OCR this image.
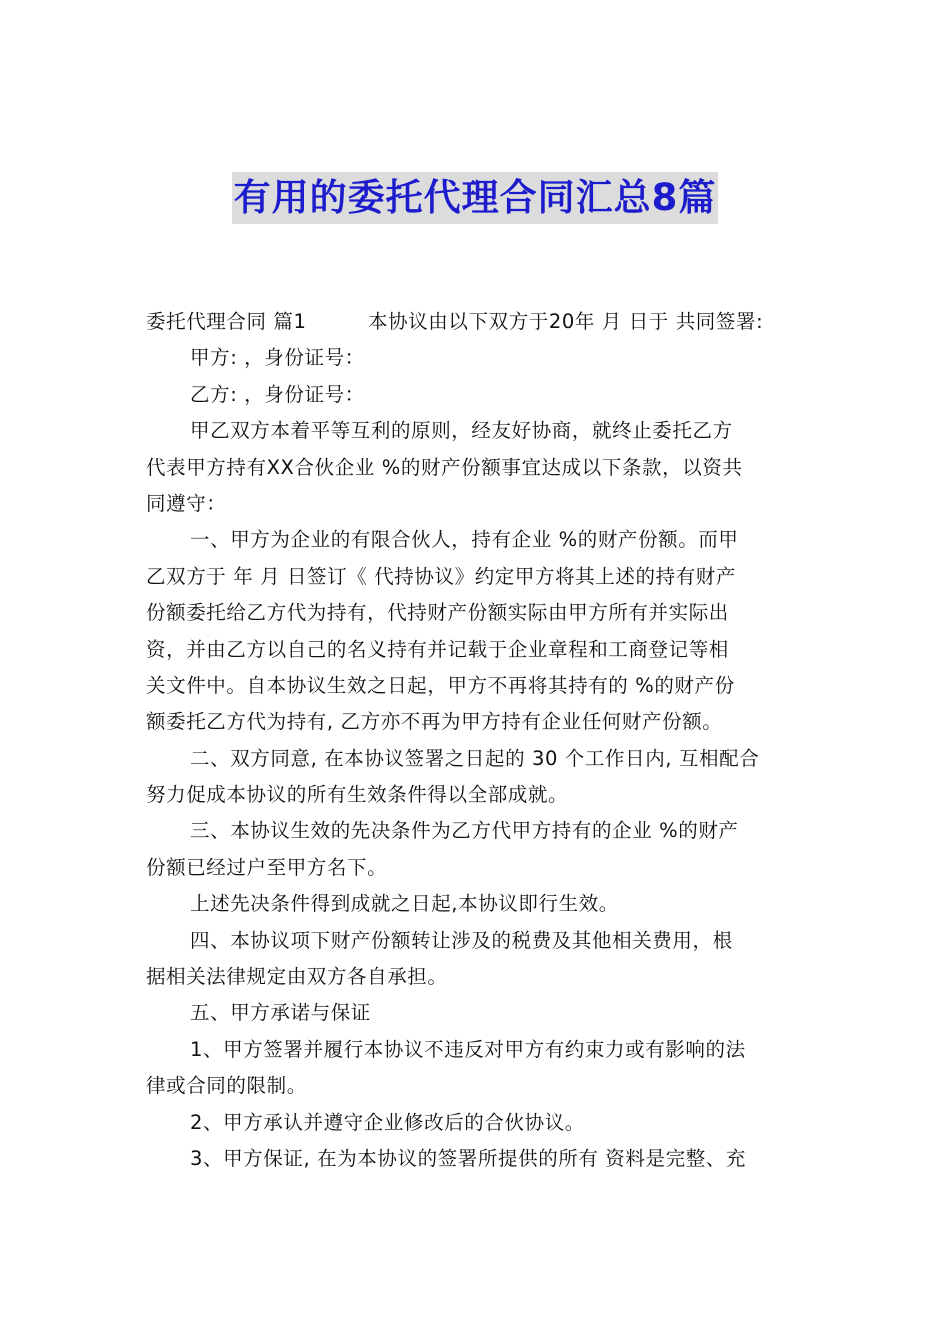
有用的委托代理合同汇总8篇
委托代理合同 篇1	本协议由以下双方于20年 月 日于 共同签署:
甲方: ，身份证号：
乙方: ，身份证号：
甲乙双方本着平等互利的原则，经友好协商，就终止委托乙方
代表甲方持有XX合伙企业 %的财产份额事宜达成以下条款，以资共
同遵守：
一、甲方为企业的有限合伙人，持有企业 %的财产份额。而甲
乙双方于 年 月 日签订《 代持协议》约定甲方将其上述的持有财产
份额委托给乙方代为持有，代持财产份额实际由甲方所有并实际出
资，并由乙方以自己的名义持有并记载于企业章程和工商登记等相
关文件中。自本协议生效之日起，甲方不再将其持有的 %的财产份
额委托乙方代为持有, 乙方亦不再为甲方持有企业任何财产份额。
二、双方同意, 在本协议签署之日起的 30 个工作日内, 互相配合
努力促成本协议的所有生效条件得以全部成就。
三、本协议生效的先决条件为乙方代甲方持有的企业 %的财产
份额已经过户至甲方名下。
上述先决条件得到成就之日起,本协议即行生效。
四、本协议项下财产份额转让涉及的税费及其他相关费用，根
据相关法律规定由双方各自承担。
五、甲方承诺与保证
1、甲方签署并履行本协议不违反对甲方有约束力或有影响的法
律或合同的限制。
2、甲方承认并遵守企业修改后的合伙协议。
3、甲方保证, 在为本协议的签署所提供的所有 资料是完整、充
